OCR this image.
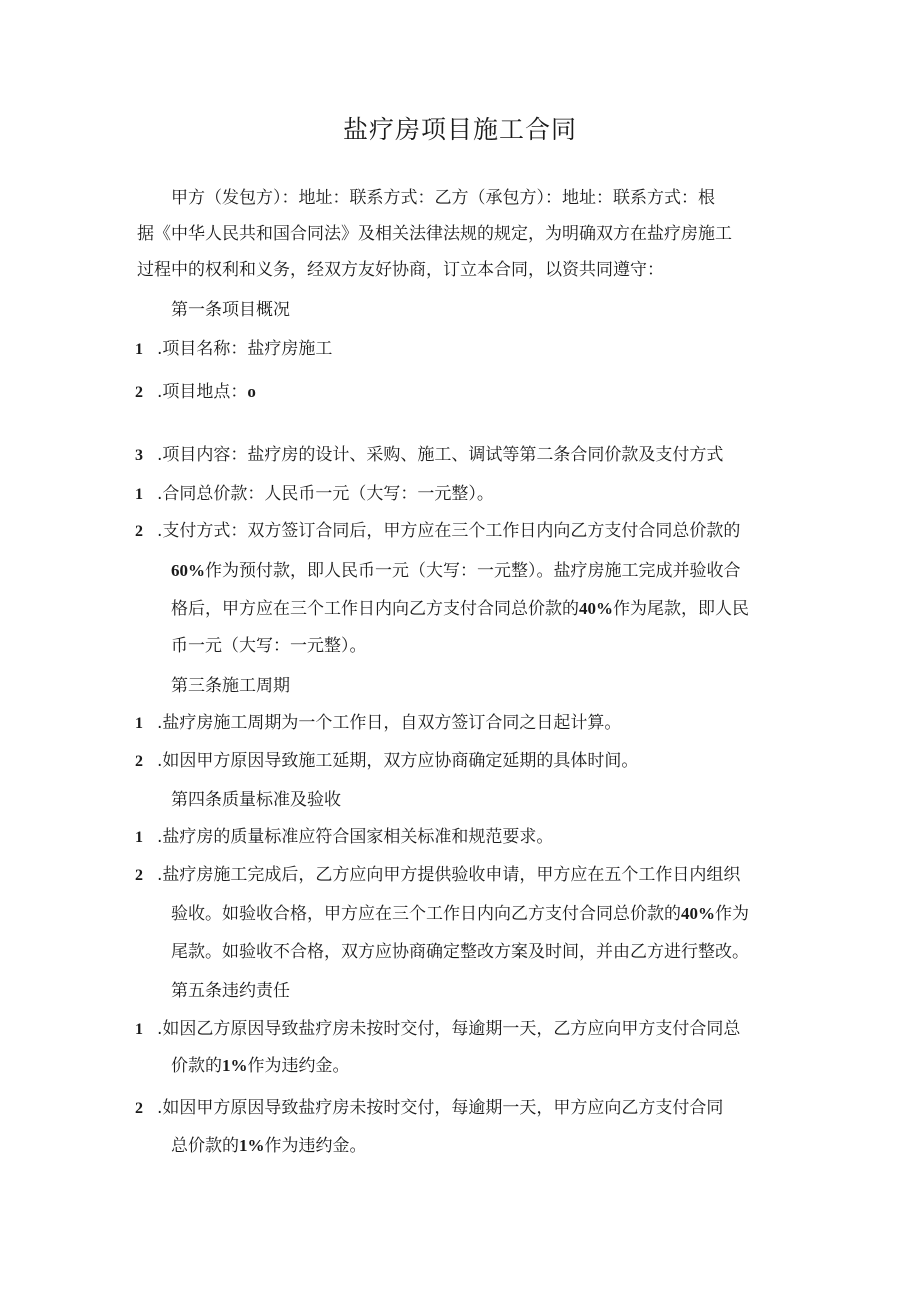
盐疗房项目施工合同
甲方（发包方）：地址：联系方式：乙方（承包方）：地址：联系方式：根
据《中华人民共和国合同法》及相关法律法规的规定，为明确双方在盐疗房施工
过程中的权利和义务，经双方友好协商，订立本合同，以资共同遵守：
第一条项目概况
1 .项目名称：盐疗房施工
2 .项目地点：o
3 .项目内容：盐疗房的设计、采购、施工、调试等第二条合同价款及支付方式
1 .合同总价款：人民币一元（大写：一元整）。
2 .支付方式：双方签订合同后，甲方应在三个工作日内向乙方支付合同总价款的
60%作为预付款，即人民币一元（大写：一元整）。盐疗房施工完成并验收合
格后，甲方应在三个工作日内向乙方支付合同总价款的40%作为尾款，即人民
币一元（大写：一元整）。
第三条施工周期
1 .盐疗房施工周期为一个工作日，自双方签订合同之日起计算。
2 .如因甲方原因导致施工延期，双方应协商确定延期的具体时间。
第四条质量标准及验收
1 .盐疗房的质量标准应符合国家相关标准和规范要求。
2 .盐疗房施工完成后，乙方应向甲方提供验收申请，甲方应在五个工作日内组织
验收。如验收合格，甲方应在三个工作日内向乙方支付合同总价款的40%作为
尾款。如验收不合格，双方应协商确定整改方案及时间，并由乙方进行整改。
第五条违约责任
1 .如因乙方原因导致盐疗房未按时交付，每逾期一天，乙方应向甲方支付合同总
价款的1%作为违约金。
2 .如因甲方原因导致盐疗房未按时交付，每逾期一天，甲方应向乙方支付合同
总价款的1%作为违约金。
